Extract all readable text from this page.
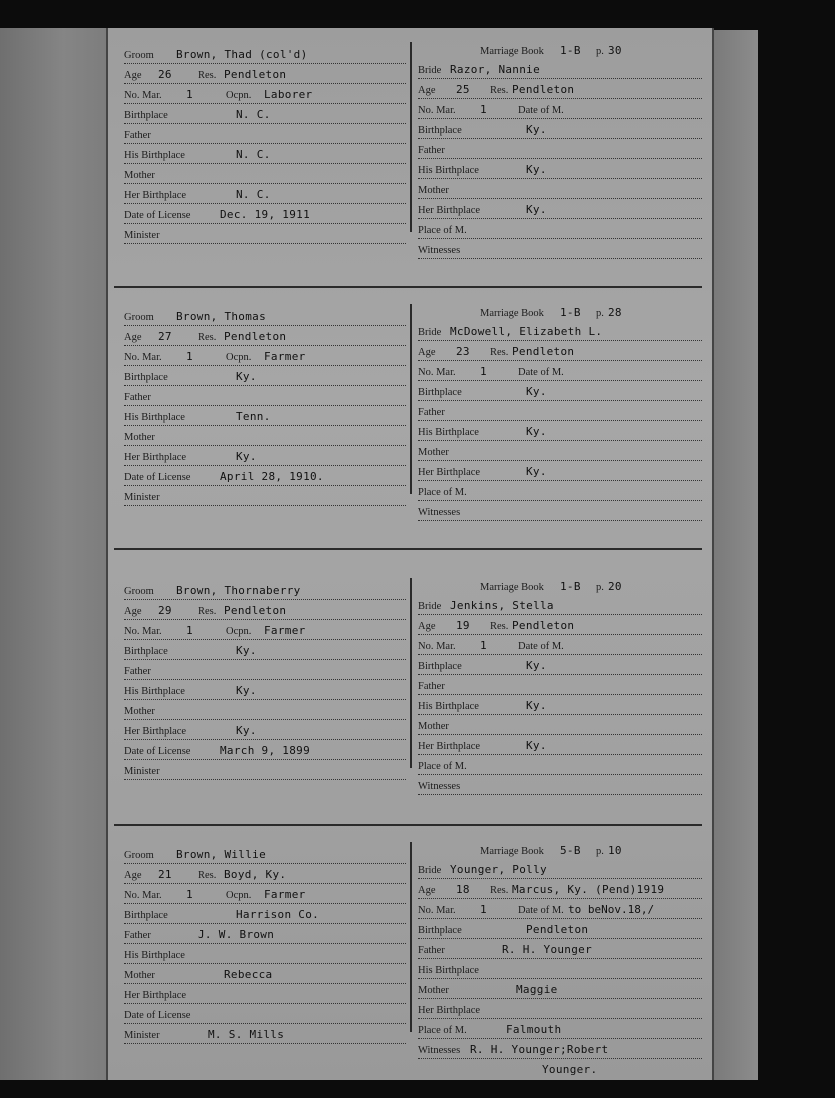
Groom Brown, Thad (col'd)
Age 26 Res. Pendleton
No. Mar. 1	Ocpn. Laborer
Birthplace	N. C.
Father
His Birthplace	N. C.
Mother
Her Birthplace	N. C.
Date of License	Dec. 19, 1911
Minister
Marriage Book 1-B p. 30
Bride Razor, Nannie
Age 25 Res. Pendleton
No. Mar. 1	Date of M.
Birthplace	Ky.
Father
His Birthplace	Ky.
Mother
Her Birthplace	Ky.
Place of M.
Witnesses
Groom Brown, Thomas
Age 27 Res. Pendleton
No. Mar. 1	Ocpn. Farmer
Birthplace	Ky.
Father
His Birthplace	Tenn.
Mother
Her Birthplace	Ky.
Date of License	April 28, 1910.
Minister
Marriage Book 1-B p. 28
Bride McDowell, Elizabeth L.
Age 23 Res. Pendleton
No. Mar. 1	Date of M.
Birthplace	Ky.
Father
His Birthplace	Ky.
Mother
Her Birthplace	Ky.
Place of M.
Witnesses
Groom Brown, Thornaberry
Age 29 Res. Pendleton
No. Mar. 1	Ocpn. Farmer
Birthplace	Ky.
Father
His Birthplace	Ky.
Mother
Her Birthplace	Ky.
Date of License	March 9, 1899
Minister
Marriage Book 1-B p. 20
Bride Jenkins, Stella
Age 19 Res. Pendleton
No. Mar. 1	Date of M.
Birthplace	Ky.
Father
His Birthplace	Ky.
Mother
Her Birthplace	Ky.
Place of M.
Witnesses
Groom Brown, Willie
Age 21 Res. Boyd, Ky.
No. Mar. 1	Ocpn. Farmer
Birthplace	Harrison Co.
Father	J. W. Brown
His Birthplace
Mother	Rebecca
Her Birthplace
Date of License
Minister	M. S. Mills
Marriage Book 5-B p. 10
Bride Younger, Polly
Age 18 Res. Marcus, Ky. (Pend)1919
No. Mar. 1	Date of M. to beNov.18,/
Birthplace	Pendleton
Father	R. H. Younger
His Birthplace
Mother	Maggie
Her Birthplace
Place of M.	Falmouth
Witnesses R. H. Younger;Robert
Younger.
